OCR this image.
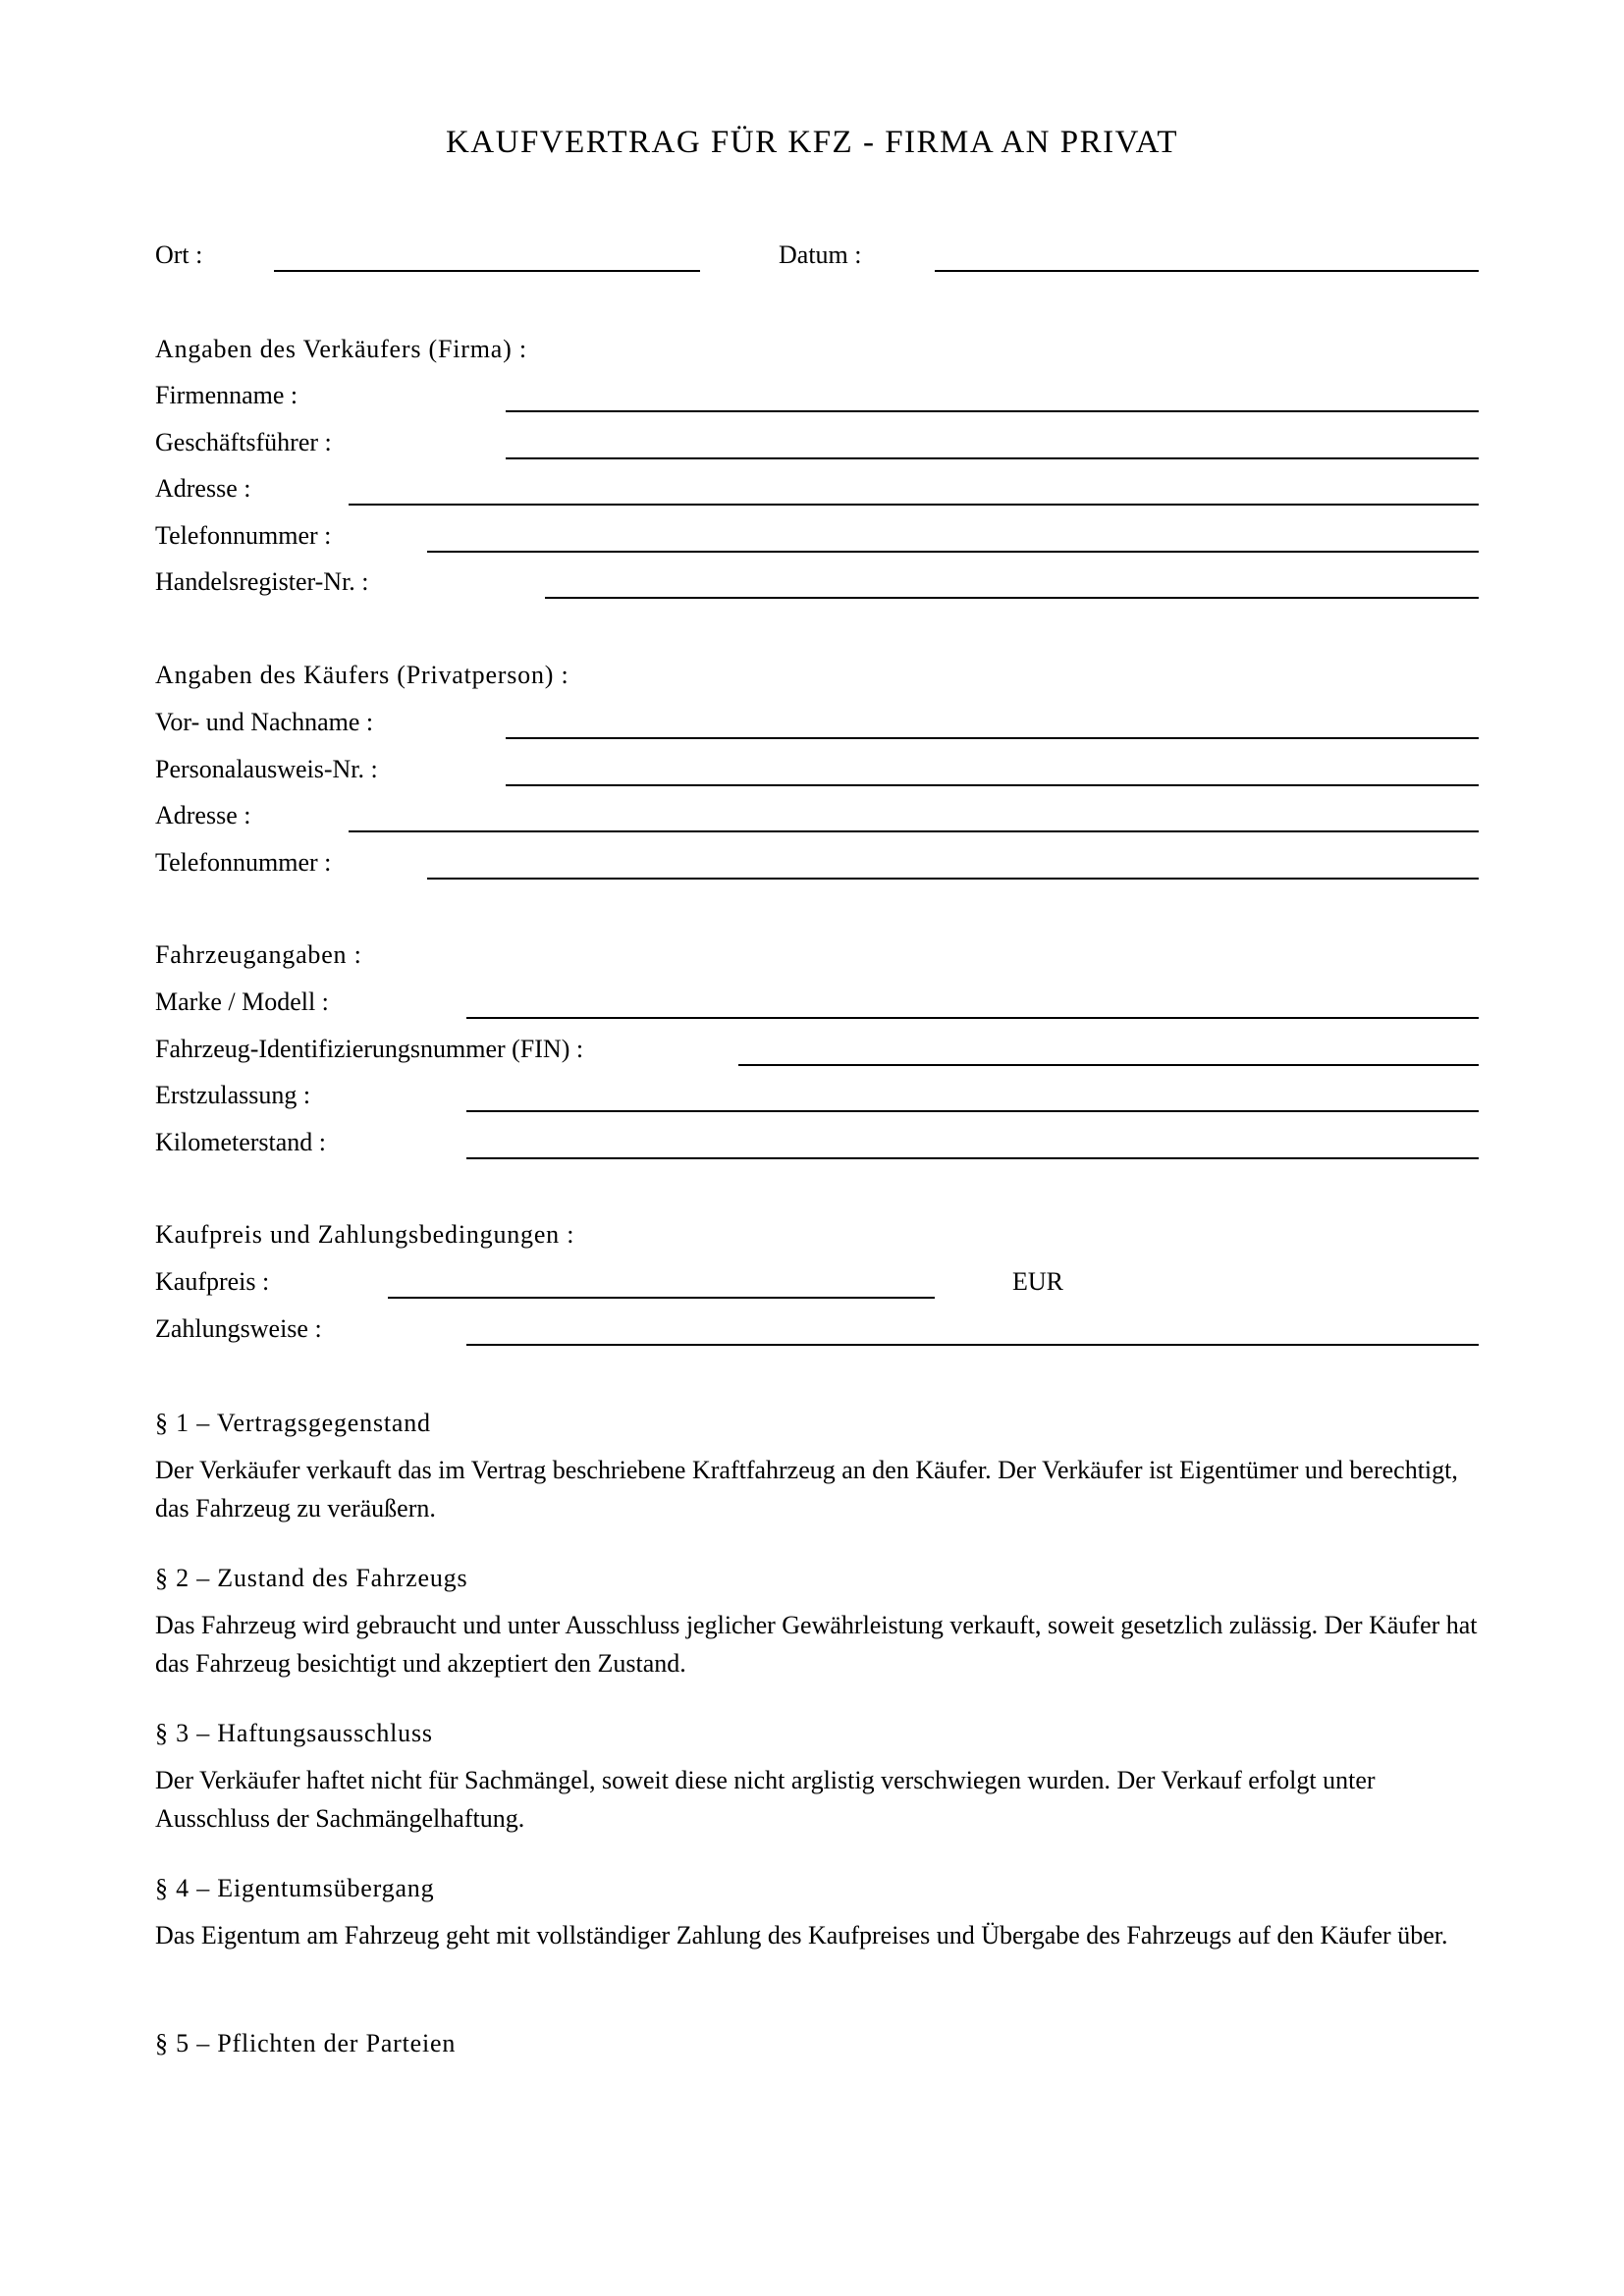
KAUFVERTRAG FÜR KFZ - FIRMA AN PRIVAT
Ort :	Datum :
Angaben des Verkäufers (Firma) :
Firmenname :
Geschäftsführer :
Adresse :
Telefonnummer :
Handelsregister-Nr. :
Angaben des Käufers (Privatperson) :
Vor- und Nachname :
Personalausweis-Nr. :
Adresse :
Telefonnummer :
Fahrzeugangaben :
Marke / Modell :
Fahrzeug-Identifizierungsnummer (FIN) :
Erstzulassung :
Kilometerstand :
Kaufpreis und Zahlungsbedingungen :
Kaufpreis :	EUR
Zahlungsweise :
§ 1 – Vertragsgegenstand
Der Verkäufer verkauft das im Vertrag beschriebene Kraftfahrzeug an den Käufer. Der Verkäufer ist Eigentümer und berechtigt, das Fahrzeug zu veräußern.
§ 2 – Zustand des Fahrzeugs
Das Fahrzeug wird gebraucht und unter Ausschluss jeglicher Gewährleistung verkauft, soweit gesetzlich zulässig. Der Käufer hat das Fahrzeug besichtigt und akzeptiert den Zustand.
§ 3 – Haftungsausschluss
Der Verkäufer haftet nicht für Sachmängel, soweit diese nicht arglistig verschwiegen wurden. Der Verkauf erfolgt unter Ausschluss der Sachmängelhaftung.
§ 4 – Eigentumsübergang
Das Eigentum am Fahrzeug geht mit vollständiger Zahlung des Kaufpreises und Übergabe des Fahrzeugs auf den Käufer über.
§ 5 – Pflichten der Parteien
